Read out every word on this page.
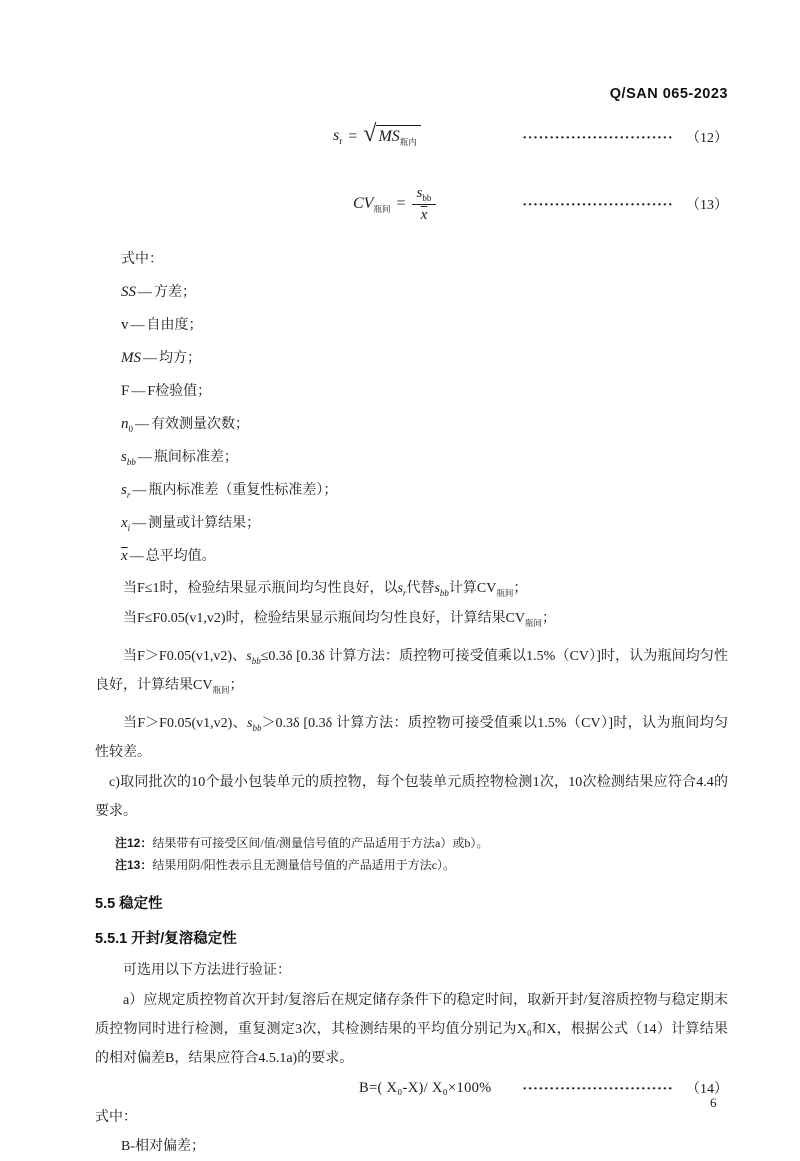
Q/SAN 065-2023
$s_r$ = √ $MS_{瓶内}$	（12）
$CV_{瓶间} = \frac{s_{bb}}{x}$	（13）
式中：
SS — 方差；
v — 自由度；
MS — 均方；
F — F检验值；
$n_0$ — 有效测量次数；
$s_{bb}$ — 瓶间标准差；
$s_r$ — 瓶内标准差（重复性标准差）；
$x_i$ — 测量或计算结果；
$\overline{x}$ — 总平均值。

当F≤1时，检验结果显示瓶间均匀性良好，以$s_r$代替$s_{bb}$计算$CV_{瓶间}$；

当F≤F0.05(v1,v2)时，检验结果显示瓶间均匀性良好，计算结果$CV_{瓶间}$；

当F＞F0.05(v1,v2)、$s_{bb}\le 0.3\delta$ [0.3δ 计算方法：质控物可接受值乘以1.5%（CV）]时，认为瓶间均匀性良好，计算结果$CV_{瓶间}$；

当F＞F0.05(v1,v2)、$s_{bb}>0.3\delta$ [0.3δ 计算方法：质控物可接受值乘以1.5%（CV）]时，认为瓶间均匀性较差。

c)取同批次的10个最小包装单元的质控物，每个包装单元质控物检测1次，10次检测结果应符合4.4的要求。

注12：结果带有可接受区间/值/测量信号值的产品适用于方法a）或b）。
注13：结果用阴/阳性表示且无测量信号值的产品适用于方法c）。
5.5 稳定性
5.5.1 开封/复溶稳定性

可选用以下方法进行验证：

a）应规定质控物首次开封/复溶后在规定储存条件下的稳定时间，取新开封/复溶质控物与稳定期末质控物同时进行检测，重复测定3次，其检测结果的平均值分别记为X₀和X，根据公式（14）计算结果的相对偏差B，结果应符合4.5.1a)的要求。

B=( X₀-X)/ X₀×100%	（14）
式中：
B-相对偏差；
6
